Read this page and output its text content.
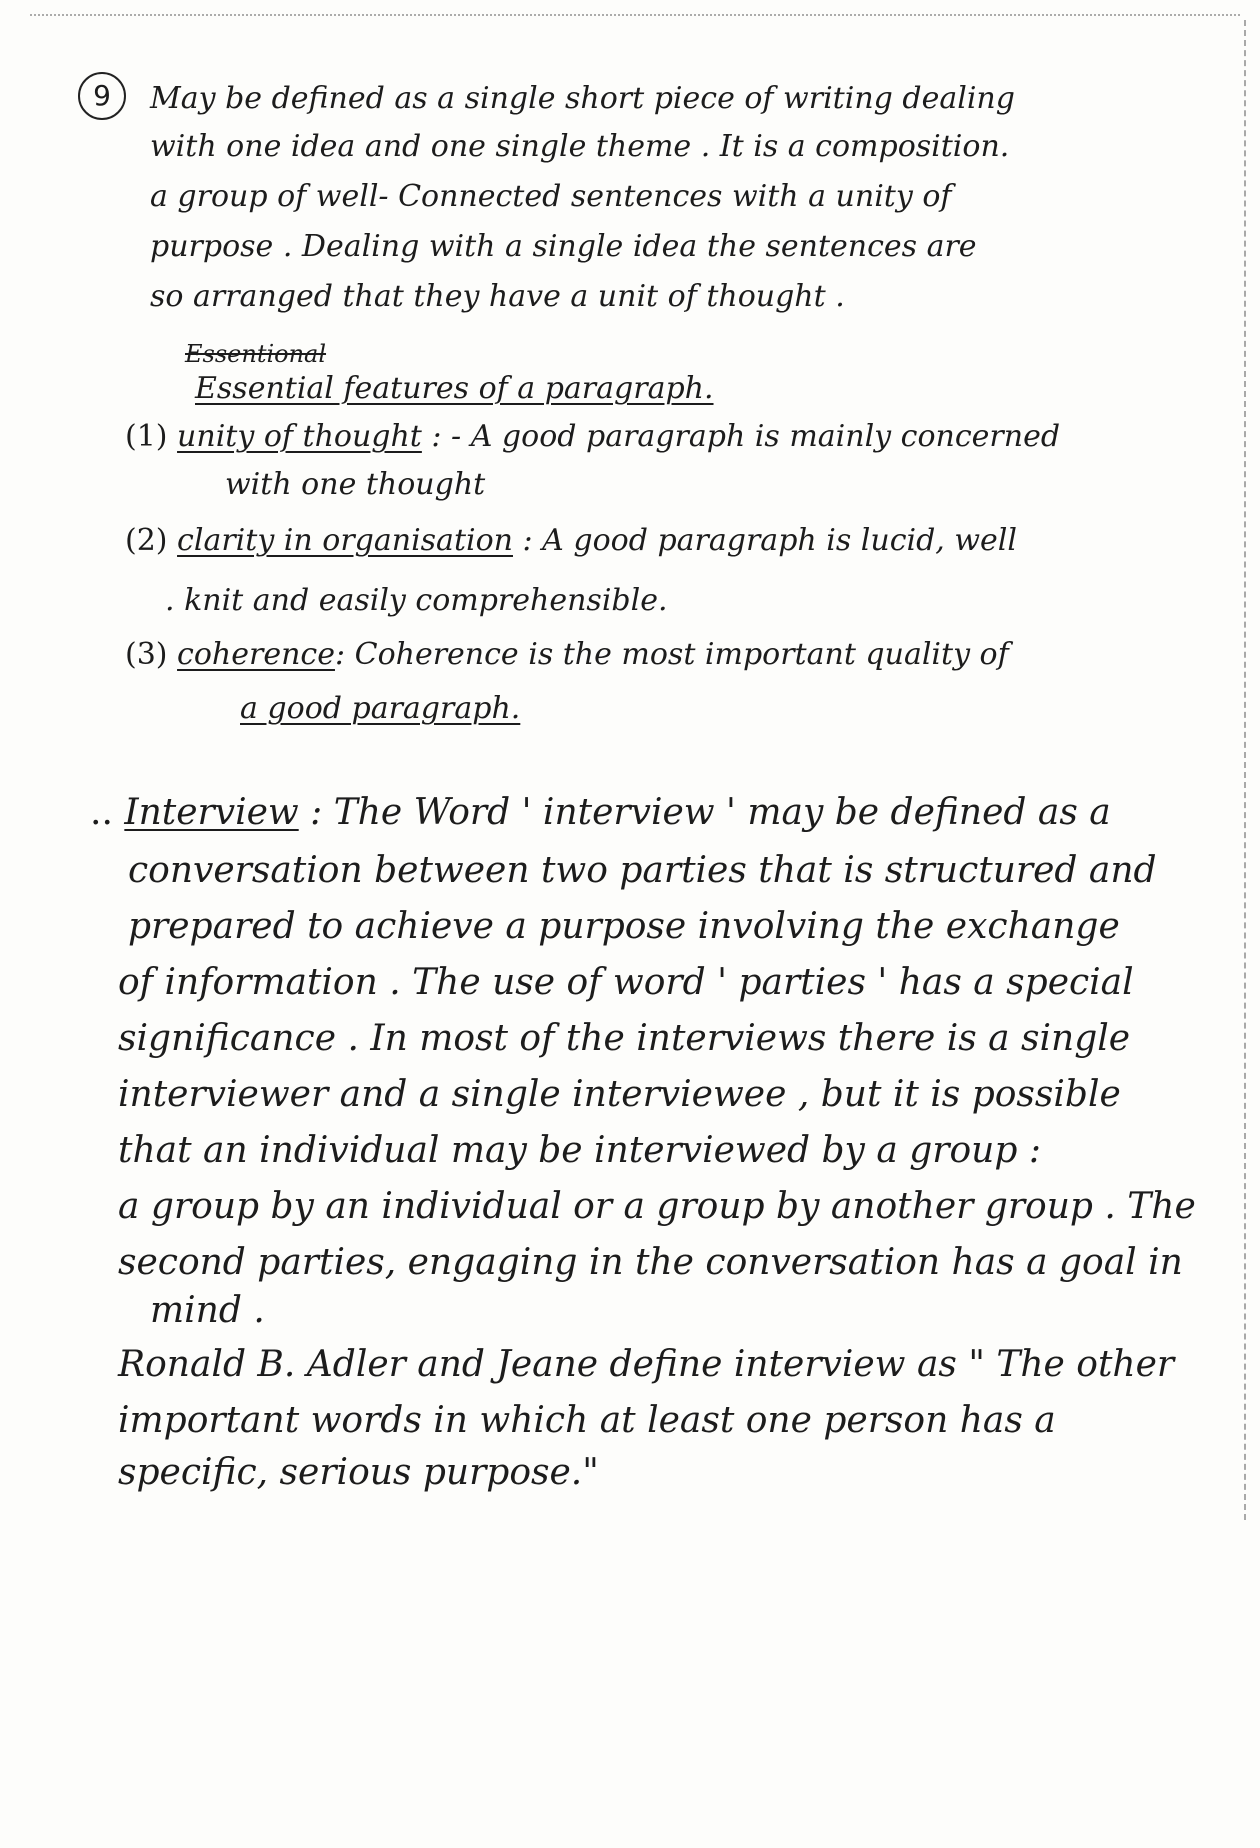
9	May be defined as a single short piece of writing dealing
with one idea and one single theme . It is a composition.
a group of well- Connected sentences with a unity of
purpose . Dealing with a single idea the sentences are
so arranged that they have a unit of thought .
Essentional
Essential features of a paragraph.
(1) unity of thought : - A good paragraph is mainly concerned
with one thought
(2) clarity in organisation : A good paragraph is lucid, well
. knit and easily comprehensible.
(3) coherence: Coherence is the most important quality of
a good paragraph.
.. Interview : The Word ' interview ' may be defined as a
conversation between two parties that is structured and
prepared to achieve a purpose involving the exchange
of information . The use of word ' parties ' has a special
significance . In most of the interviews there is a single
interviewer and a single interviewee , but it is possible
that an individual may be interviewed by a group :
a group by an individual or a group by another group . The
second parties, engaging in the conversation has a goal in
mind .
Ronald B. Adler and Jeane define interview as " The other
important words in which at least one person has a
specific, serious purpose."
